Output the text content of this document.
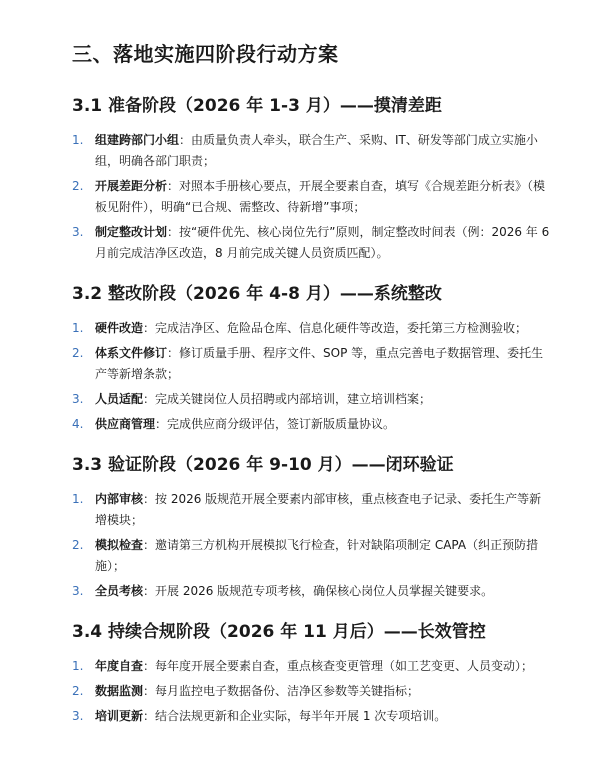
三、落地实施四阶段行动方案
3.1 准备阶段（2026 年 1-3 月）——摸清差距
1. 组建跨部门小组：由质量负责人牵头，联合生产、采购、IT、研发等部门成立实施小组，明确各部门职责；
2. 开展差距分析：对照本手册核心要点，开展全要素自查，填写《合规差距分析表》（模板见附件），明确“已合规、需整改、待新增”事项；
3. 制定整改计划：按“硬件优先、核心岗位先行”原则，制定整改时间表（例：2026 年 6 月前完成洁净区改造，8 月前完成关键人员资质匹配）。
3.2 整改阶段（2026 年 4-8 月）——系统整改
1. 硬件改造：完成洁净区、危险品仓库、信息化硬件等改造，委托第三方检测验收；
2. 体系文件修订：修订质量手册、程序文件、SOP 等，重点完善电子数据管理、委托生产等新增条款；
3. 人员适配：完成关键岗位人员招聘或内部培训，建立培训档案；
4. 供应商管理：完成供应商分级评估，签订新版质量协议。
3.3 验证阶段（2026 年 9-10 月）——闭环验证
1. 内部审核：按 2026 版规范开展全要素内部审核，重点核查电子记录、委托生产等新增模块；
2. 模拟检查：邀请第三方机构开展模拟飞行检查，针对缺陷项制定 CAPA（纠正预防措施）；
3. 全员考核：开展 2026 版规范专项考核，确保核心岗位人员掌握关键要求。
3.4 持续合规阶段（2026 年 11 月后）——长效管控
1. 年度自查：每年度开展全要素自查，重点核查变更管理（如工艺变更、人员变动）；
2. 数据监测：每月监控电子数据备份、洁净区参数等关键指标；
3. 培训更新：结合法规更新和企业实际，每半年开展 1 次专项培训。
